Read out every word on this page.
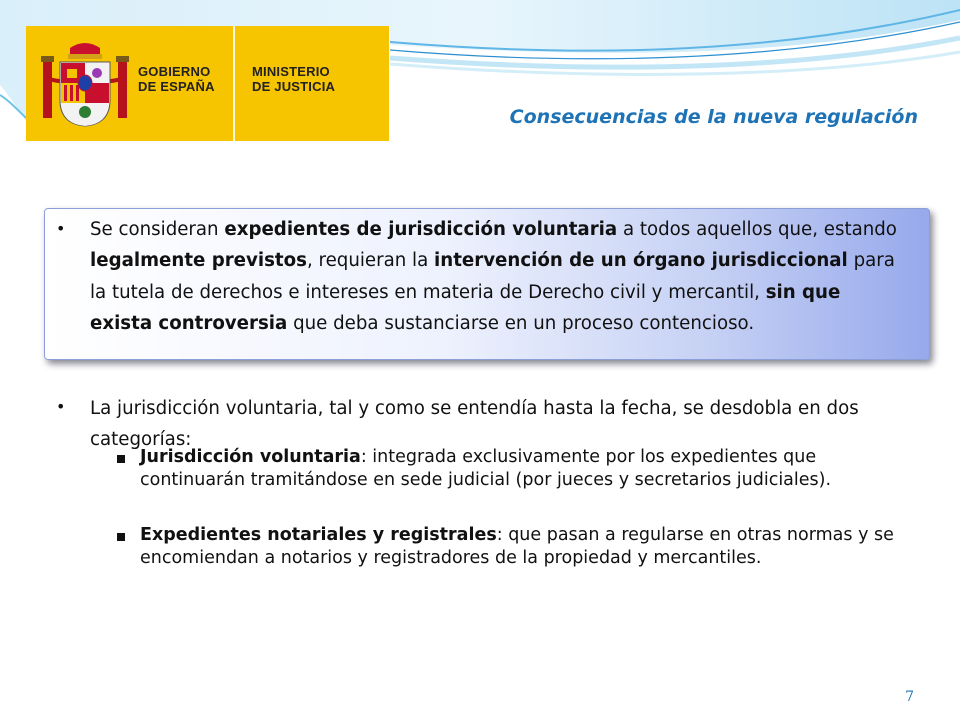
GOBIERNO
DE ESPAÑA
MINISTERIO
DE JUSTICIA
Consecuencias de la nueva regulación
• Se consideran expedientes de jurisdicción voluntaria a todos aquellos que, estando legalmente previstos, requieran la intervención de un órgano jurisdiccional para la tutela de derechos e intereses en materia de Derecho civil y mercantil, sin que exista controversia que deba sustanciarse en un proceso contencioso.
• La jurisdicción voluntaria, tal y como se entendía hasta la fecha, se desdobla en dos categorías:
Jurisdicción voluntaria: integrada exclusivamente por los expedientes que continuarán tramitándose en sede judicial (por jueces y secretarios judiciales).
Expedientes notariales y registrales: que pasan a regularse en otras normas y se encomiendan a notarios y registradores de la propiedad y mercantiles.
7
